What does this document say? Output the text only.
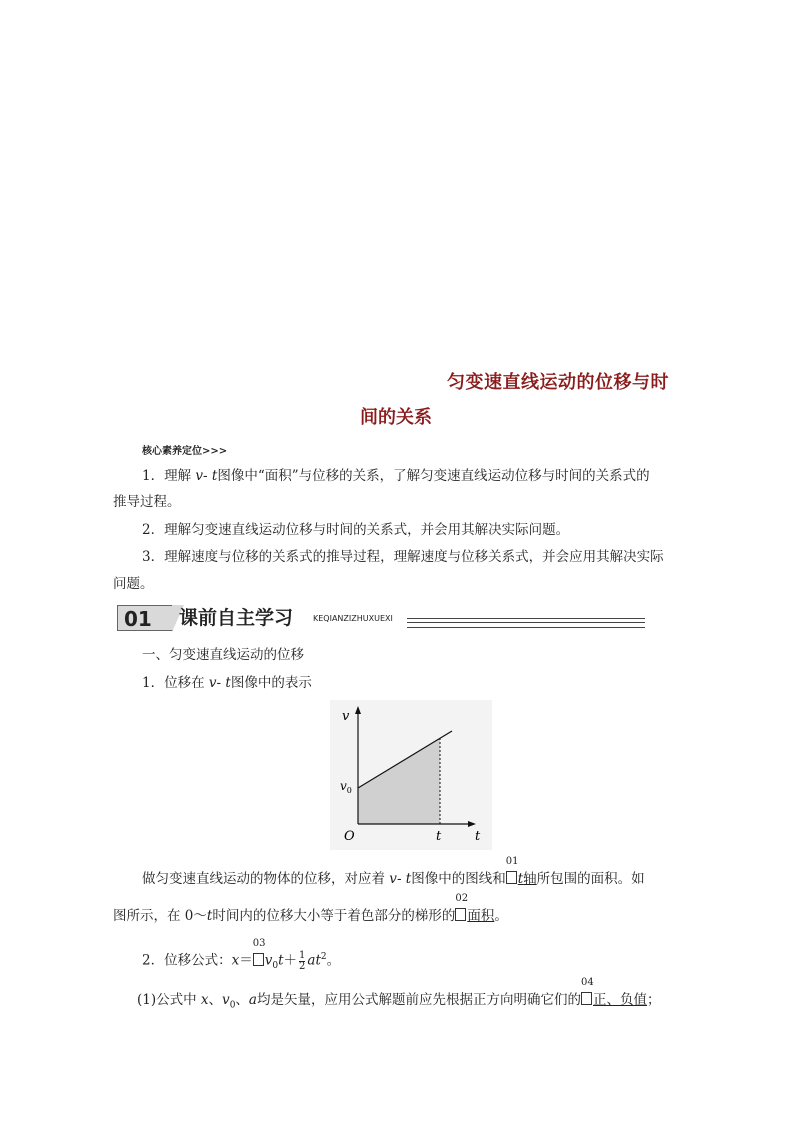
匀变速直线运动的位移与时
间的关系
核心素养定位>>>
1．理解 v- t图像中“面积”与位移的关系，了解匀变速直线运动位移与时间的关系式的
推导过程。
2．理解匀变速直线运动位移与时间的关系式，并会用其解决实际问题。
3．理解速度与位移的关系式的推导过程，理解速度与位移关系式，并会应用其解决实际
问题。
01	课前自主学习 KEQIANZIZHUXUEXI
一、匀变速直线运动的位移
1．位移在 v- t图像中的表示
v
$v_0$
O	t	t
做匀变速直线运动的物体的位移，对应着 v- t图像中的图线和
01
t轴所包围的面积。如
图所示，在 0～t时间内的位移大小等于着色部分的梯形的
02
面积。
2．位移公式：x＝
03
$v_0t+ \frac{1}{2} at^2$。
(1)公式中 x、$v_0$、a均是矢量，应用公式解题前应先根据正方向明确它们的
04
正、负值；
